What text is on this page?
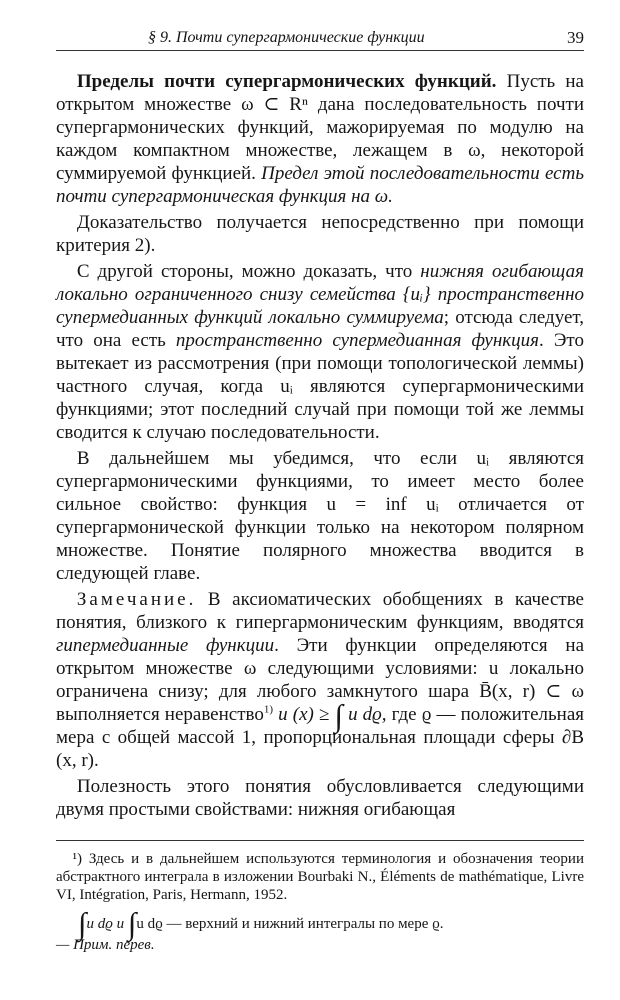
§ 9. Почти супергармонические функции	39

Пределы почти супергармонических функций. Пусть на открытом множестве ω ⊂ Rⁿ дана последовательность почти супергармонических функций, мажорируемая по модулю на каждом компактном множестве, лежащем в ω, некоторой суммируемой функцией. Предел этой последовательности есть почти супергармоническая функция на ω.

Доказательство получается непосредственно при помощи критерия 2).

С другой стороны, можно доказать, что нижняя огибающая локально ограниченного снизу семейства {uᵢ} пространственно супермедианных функций локально суммируема; отсюда следует, что она есть пространственно супермедианная функция. Это вытекает из рассмотрения (при помощи топологической леммы) частного случая, когда uᵢ являются супергармоническими функциями; этот последний случай при помощи той же леммы сводится к случаю последовательности.

В дальнейшем мы убедимся, что если uᵢ являются супергармоническими функциями, то имеет место более сильное свойство: функция u = inf uᵢ отличается от супергармонической функции только на некотором полярном множестве. Понятие полярного множества вводится в следующей главе.

Замечание. В аксиоматических обобщениях в качестве понятия, близкого к гипергармоническим функциям, вводятся гипермедианные функции. Эти функции определяются на открытом множестве ω следующими условиями: u локально ограничена снизу; для любого замкнутого шара B̄(x, r) ⊂ ω выполняется неравенство$^{1)}$ u (x) ≥ ∫ u dϱ, где ϱ — положительная мера с общей массой 1, пропорциональная площади сферы ∂B (x, r).

Полезность этого понятия обусловливается следующими двумя простыми свойствами: нижняя огибающая

¹) Здесь и в дальнейшем используются терминология и обозначения теории абстрактного интеграла в изложении Bourbaki N., Éléments de mathématique, Livre VI, Intégration, Paris, Hermann, 1952.
∫u dϱ и ∫u dϱ — верхний и нижний интегралы по мере ϱ.
— Прим. перев.
